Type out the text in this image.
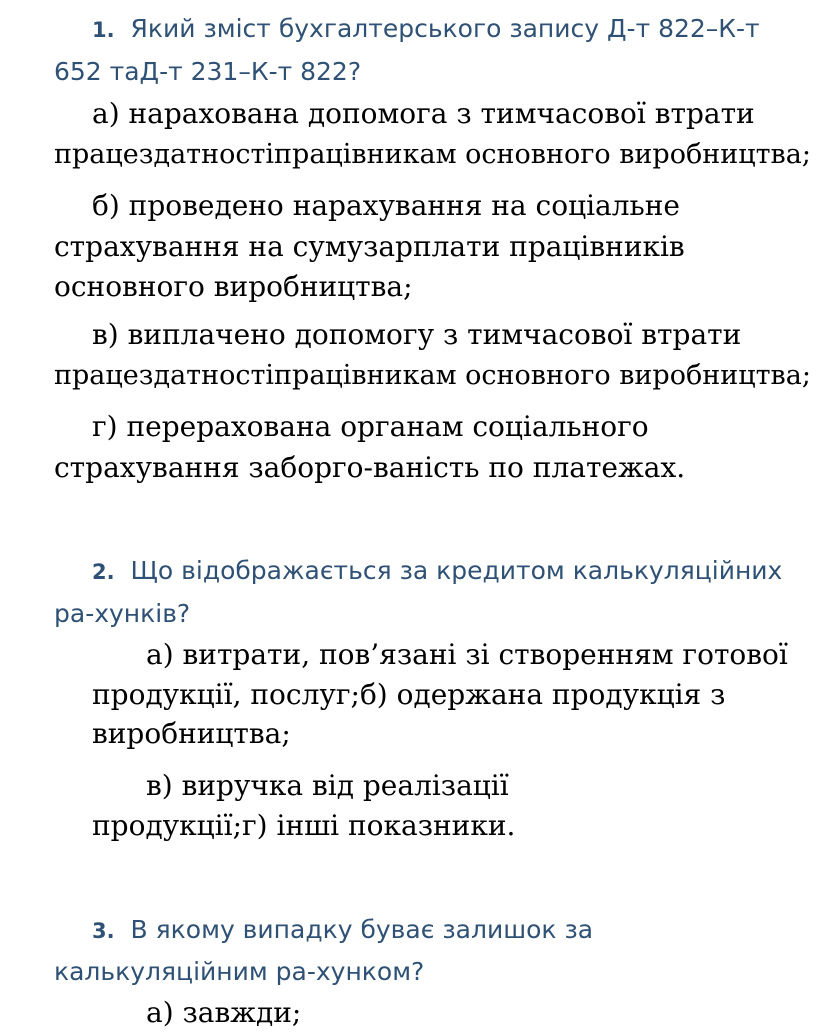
1. Який зміст бухгалтерського запису Д-т 822–К-т
652 таД-т 231–К-т 822?
а) нарахована допомога з тимчасової втрати
працездатностіпрацівникам основного виробництва;
б) проведено нарахування на соціальне
страхування на сумузарплати працівників
основного виробництва;
в) виплачено допомогу з тимчасової втрати
працездатностіпрацівникам основного виробництва;
г) перерахована органам соціального
страхування заборго-ваність по платежах.
2. Що відображається за кредитом калькуляційних
ра-хунків?
а) витрати, пов’язані зі створенням готової
продукції, послуг;б) одержана продукція з
виробництва;
в) виручка від реалізації
продукції;г) інші показники.
3. В якому випадку буває залишок за
калькуляційним ра-хунком?
а) завжди;
